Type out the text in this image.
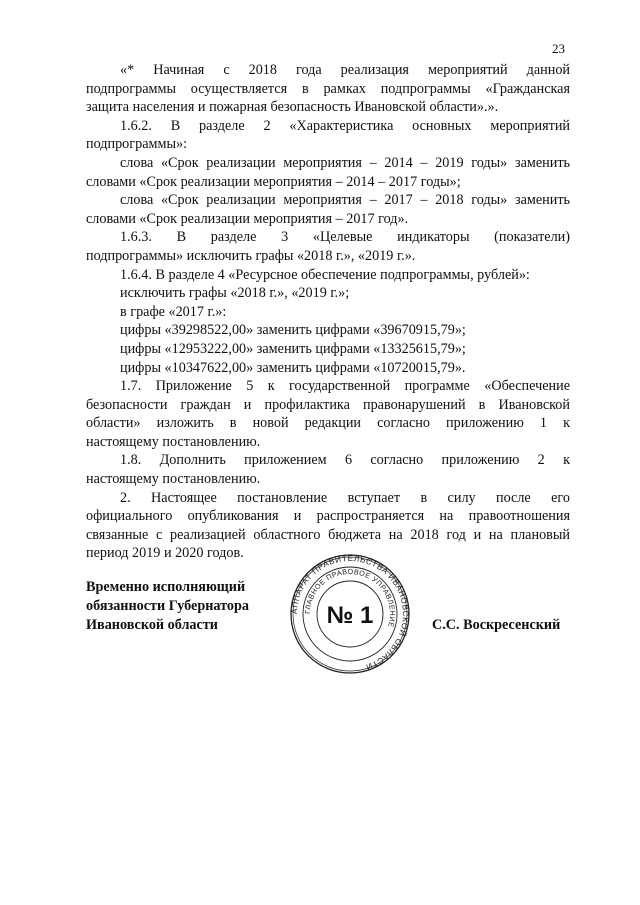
23
«* Начиная с 2018 года реализация мероприятий данной
подпрограммы осуществляется в рамках подпрограммы «Гражданская
защита населения и пожарная безопасность Ивановской области».».
1.6.2. В разделе 2 «Характеристика основных мероприятий
подпрограммы»:
слова «Срок реализации мероприятия – 2014 – 2019 годы» заменить
словами «Срок реализации мероприятия – 2014 – 2017 годы»;
слова «Срок реализации мероприятия – 2017 – 2018 годы» заменить
словами «Срок реализации мероприятия – 2017 год».
1.6.3. В разделе 3 «Целевые индикаторы (показатели)
подпрограммы» исключить графы «2018 г.», «2019 г.».
1.6.4. В разделе 4 «Ресурсное обеспечение подпрограммы, рублей»:
исключить графы «2018 г.», «2019 г.»;
в графе «2017 г.»:
цифры «39298522,00» заменить цифрами «39670915,79»;
цифры «12953222,00» заменить цифрами «13325615,79»;
цифры «10347622,00» заменить цифрами «10720015,79».
1.7. Приложение 5 к государственной программе «Обеспечение
безопасности граждан и профилактика правонарушений в Ивановской
области» изложить в новой редакции согласно приложению 1 к
настоящему постановлению.
1.8. Дополнить приложением 6 согласно приложению 2 к
настоящему постановлению.
2. Настоящее постановление вступает в силу после его
официального опубликования и распространяется на правоотношения
связанные с реализацией областного бюджета на 2018 год и на плановый
период 2019 и 2020 годов.
Временно исполняющий
обязанности Губернатора
Ивановской области
АППАРАТ ПРАВИТЕЛЬСТВА ИВАНОВСКОЙ ОБЛАСТИ
ГЛАВНОЕ ПРАВОВОЕ УПРАВЛЕНИЕ
№ 1	С.С. Воскресенский
